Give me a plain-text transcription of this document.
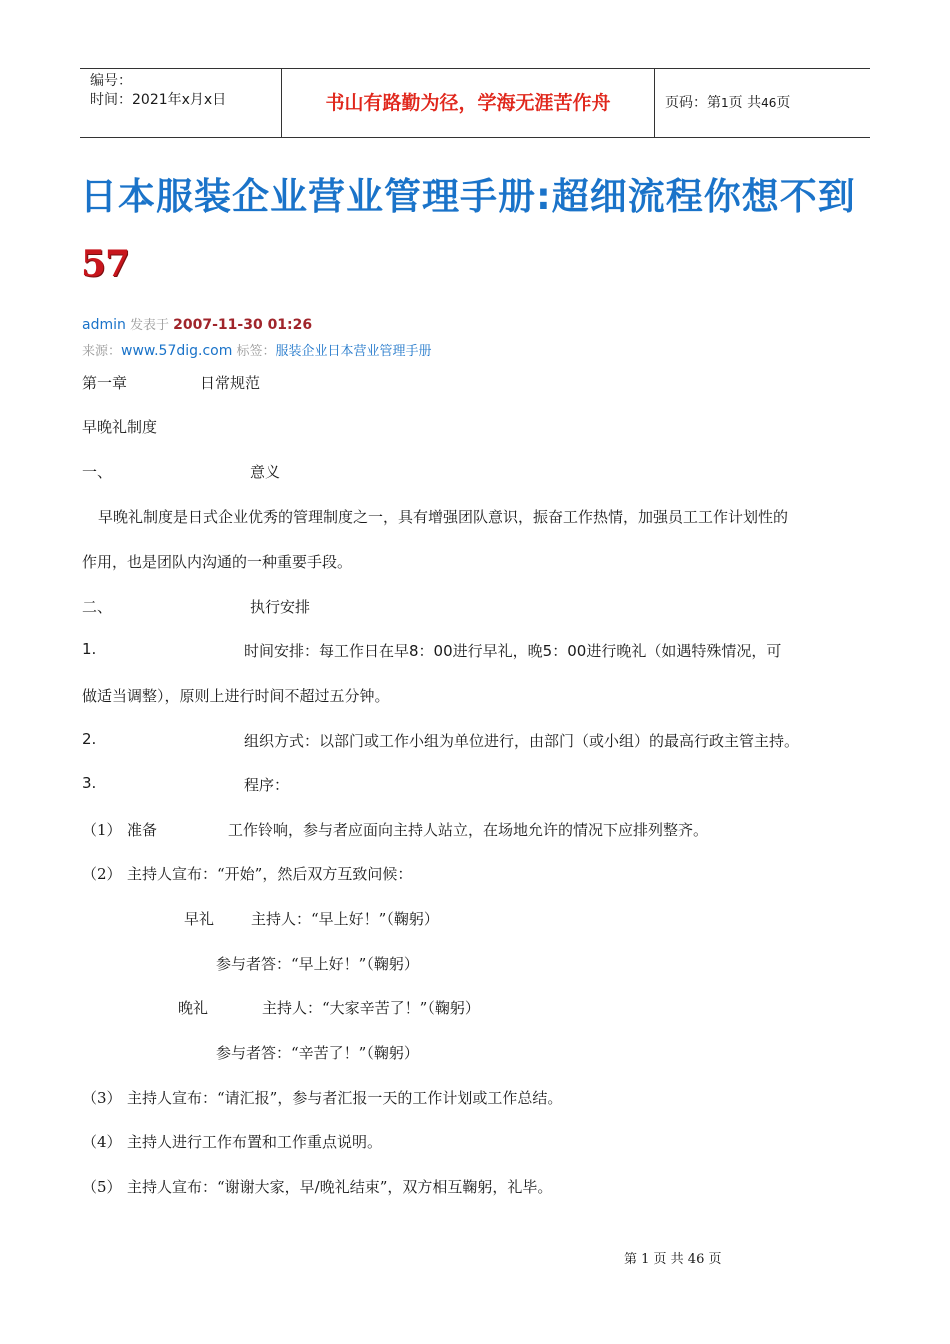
编号：
时间：2021年x月x日	书山有路勤为径，学海无涯苦作舟	页码：第1页 共46页
日本服装企业营业管理手册:超细流程你想不到
57
admin 发表于 2007-11-30 01:26
来源：www.57dig.com 标签：服装企业日本营业管理手册
第一章	日常规范
早晚礼制度
一、	意义
早晚礼制度是日式企业优秀的管理制度之一，具有增强团队意识，振奋工作热情，加强员工工作计划性的
作用，也是团队内沟通的一种重要手段。
二、	执行安排
1.	时间安排：每工作日在早8：00进行早礼，晚5：00进行晚礼（如遇特殊情况，可
做适当调整），原则上进行时间不超过五分钟。
2.	组织方式：以部门或工作小组为单位进行，由部门（或小组）的最高行政主管主持。
3.	程序：
（1） 准备	工作铃响，参与者应面向主持人站立，在场地允许的情况下应排列整齐。
（2） 主持人宣布：“开始”，然后双方互致问候：
早礼 主持人：“早上好！”（鞠躬）
参与者答：“早上好！”（鞠躬）
晚礼	主持人：“大家辛苦了！”（鞠躬）
参与者答：“辛苦了！”（鞠躬）
（3） 主持人宣布：“请汇报”，参与者汇报一天的工作计划或工作总结。
（4） 主持人进行工作布置和工作重点说明。
（5） 主持人宣布：“谢谢大家，早/晚礼结束”，双方相互鞠躬，礼毕。
第 1 页 共 46 页
